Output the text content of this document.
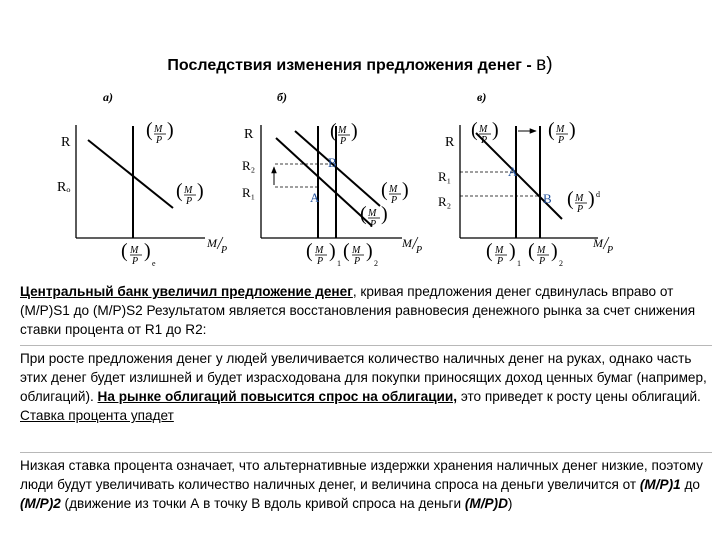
Последствия изменения предложения денег - в)
а)
R
Rₒ
( M
P )
( M
P )
M
P
( M
P )
e
б)
R
R₂
R₁
B
A
( M
P )
( M
P )
( M
P )
M
P
( M
P )
1
( M
P )
2
в)
R
R₁
R₂
A
B
( M
P ) ( M
P )
( M
P ) d
M
P
( M
P )
1
( M
P )
2
Центральный банк увеличил предложение денег, кривая предложения денег сдвинулась вправо от (M/P)S1 до (M/P)S2 Результатом является восстановления равновесия денежного рынка за счет снижения ставки процента от R1 до R2:
При росте предложения денег у людей увеличивается количество наличных денег на руках, однако часть этих денег будет излишней и будет израсходована для покупки приносящих доход ценных бумаг (например, облигаций). На рынке облигаций повысится спрос на облигации, это приведет к росту цены облигаций. Ставка процента упадет
Низкая ставка процента означает, что альтернативные издержки хранения наличных денег низкие, поэтому люди будут увеличивать количество наличных денег, и величина спроса на деньги увеличится от (M/P)1 до (M/P)2 (движение из точки А в точку В вдоль кривой спроса на деньги (M/P)D)
